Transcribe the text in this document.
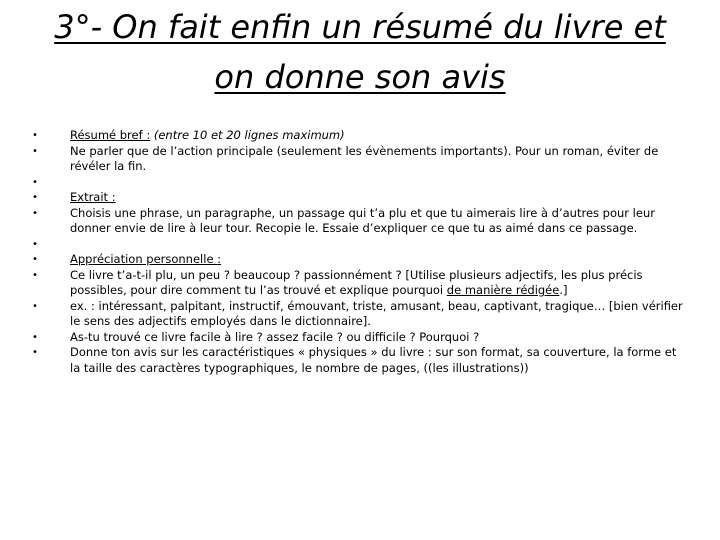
3°- On fait enfin un résumé du livre et
on donne son avis
•	Résumé bref : (entre 10 et 20 lignes maximum)
•	Ne parler que de l’action principale (seulement les évènements importants). Pour un roman, éviter de révéler la fin.
•
•	Extrait :
•	Choisis une phrase, un paragraphe, un passage qui t’a plu et que tu aimerais lire à d’autres pour leur donner envie de lire à leur tour. Recopie le. Essaie d’expliquer ce que tu as aimé dans ce passage.
•
•	Appréciation personnelle :
•	Ce livre t’a-t-il plu, un peu ? beaucoup ? passionnément ? [Utilise plusieurs adjectifs, les plus précis possibles, pour dire comment tu l’as trouvé et explique pourquoi de manière rédigée.]
•	ex. : intéressant, palpitant, instructif, émouvant, triste, amusant, beau, captivant, tragique… [bien vérifier le sens des adjectifs employés dans le dictionnaire].
•	As-tu trouvé ce livre facile à lire ? assez facile ? ou difficile ? Pourquoi ?
•	Donne ton avis sur les caractéristiques « physiques » du livre : sur son format, sa couverture, la forme et la taille des caractères typographiques, le nombre de pages, ((les illustrations))
